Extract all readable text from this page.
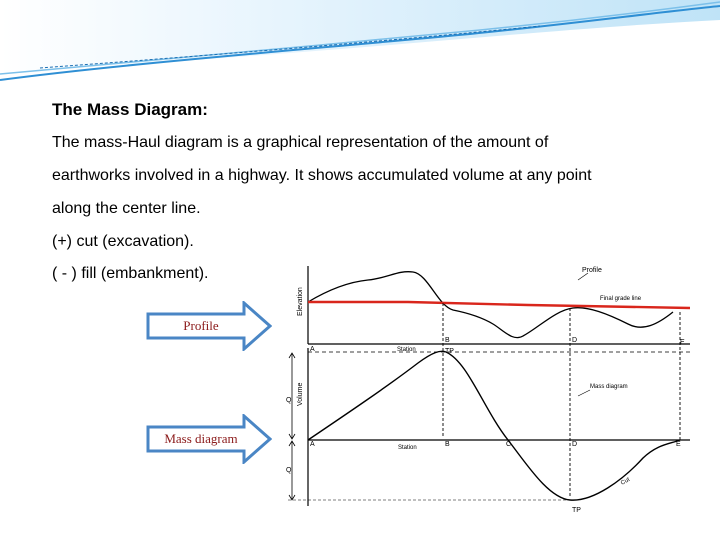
The Mass Diagram:

The mass-Haul diagram is a graphical representation of the amount of

earthworks involved in a highway. It shows accumulated volume at any point

along the center line.

(+) cut (excavation).

( - ) fill (embankment).

Profile
Mass diagram
Elevation
Profile
Final grade line
A	Station
B
TP
D	E
Volume
A	Station	B	C	D	E
TP
Mass diagram
Cut
Q
Q
